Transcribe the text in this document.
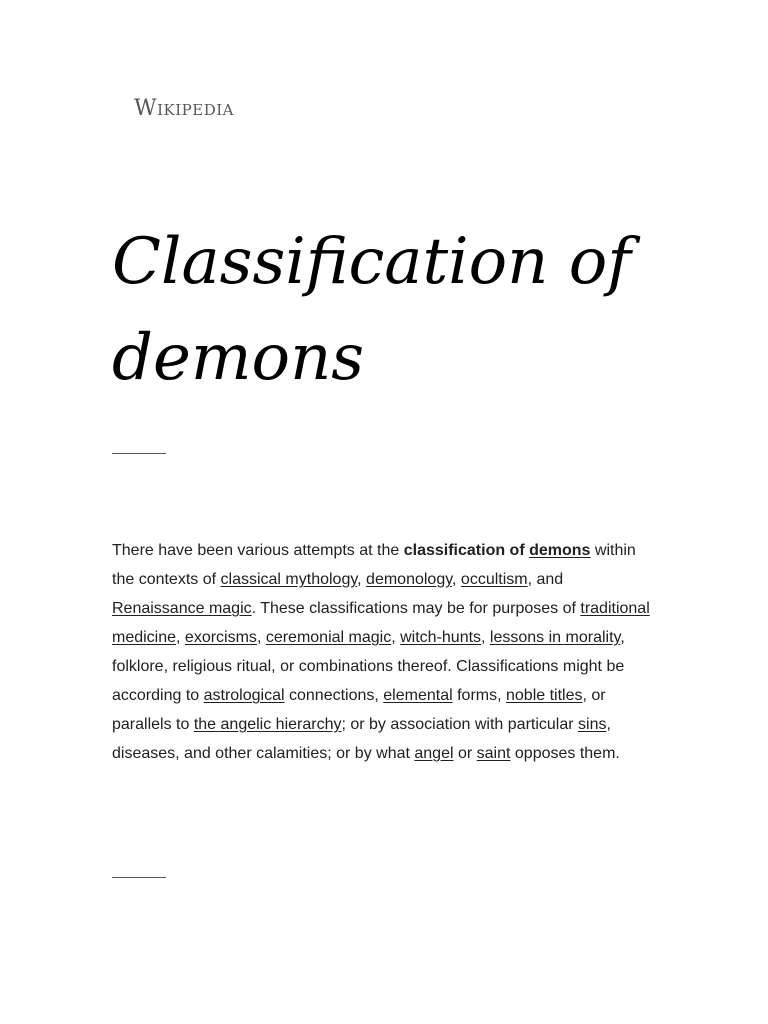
Wikipedia
Classification of demons

There have been various attempts at the classification of demons within the contexts of classical mythology, demonology, occultism, and Renaissance magic. These classifications may be for purposes of traditional medicine, exorcisms, ceremonial magic, witch-hunts, lessons in morality, folklore, religious ritual, or combinations thereof. Classifications might be according to astrological connections, elemental forms, noble titles, or parallels to the angelic hierarchy; or by association with particular sins, diseases, and other calamities; or by what angel or saint opposes them.
